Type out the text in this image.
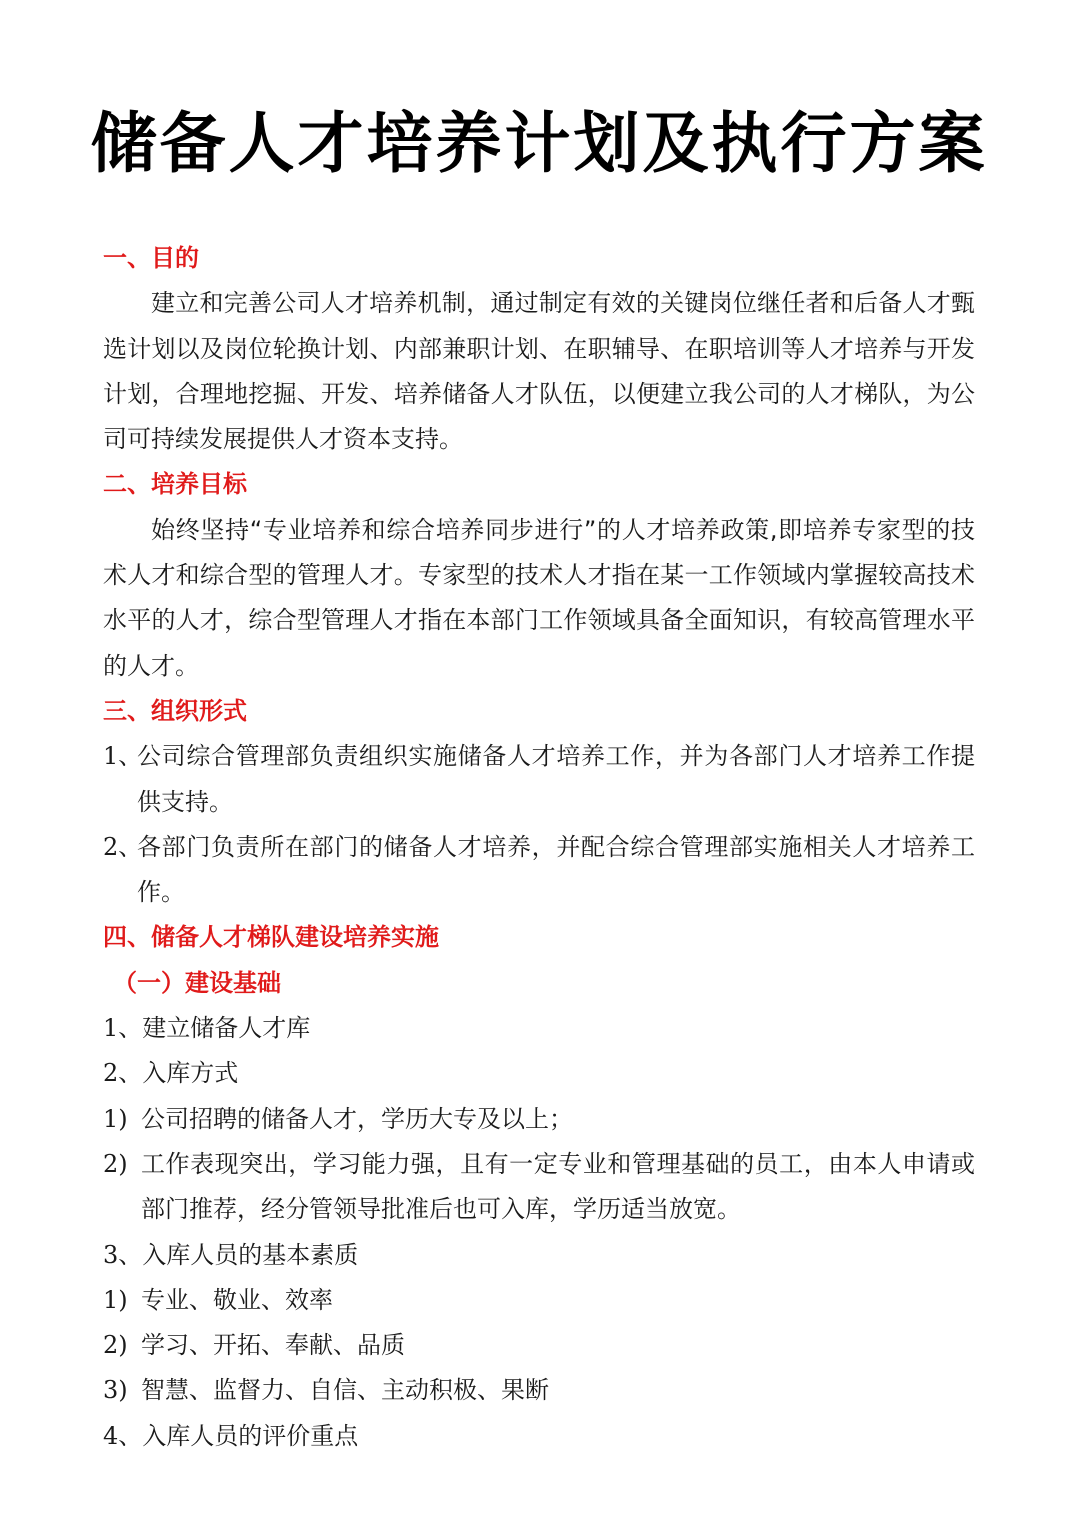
储备人才培养计划及执行方案
一、目的
建立和完善公司人才培养机制，通过制定有效的关键岗位继任者和后备人才甄选计划以及岗位轮换计划、内部兼职计划、在职辅导、在职培训等人才培养与开发计划，合理地挖掘、开发、培养储备人才队伍，以便建立我公司的人才梯队，为公司可持续发展提供人才资本支持。
二、培养目标
始终坚持“专业培养和综合培养同步进行”的人才培养政策,即培养专家型的技术人才和综合型的管理人才。专家型的技术人才指在某一工作领域内掌握较高技术水平的人才，综合型管理人才指在本部门工作领域具备全面知识，有较高管理水平的人才。
三、组织形式
1、
公司综合管理部负责组织实施储备人才培养工作，并为各部门人才培养工作提供支持。
2、
各部门负责所在部门的储备人才培养，并配合综合管理部实施相关人才培养工作。
四、储备人才梯队建设培养实施
（一）建设基础
1、建立储备人才库
2、入库方式
1) 公司招聘的储备人才，学历大专及以上；
2) 工作表现突出，学习能力强，且有一定专业和管理基础的员工，由本人申请或部门推荐，经分管领导批准后也可入库，学历适当放宽。
3、入库人员的基本素质
1) 专业、敬业、效率
2) 学习、开拓、奉献、品质
3) 智慧、监督力、自信、主动积极、果断
4、入库人员的评价重点
